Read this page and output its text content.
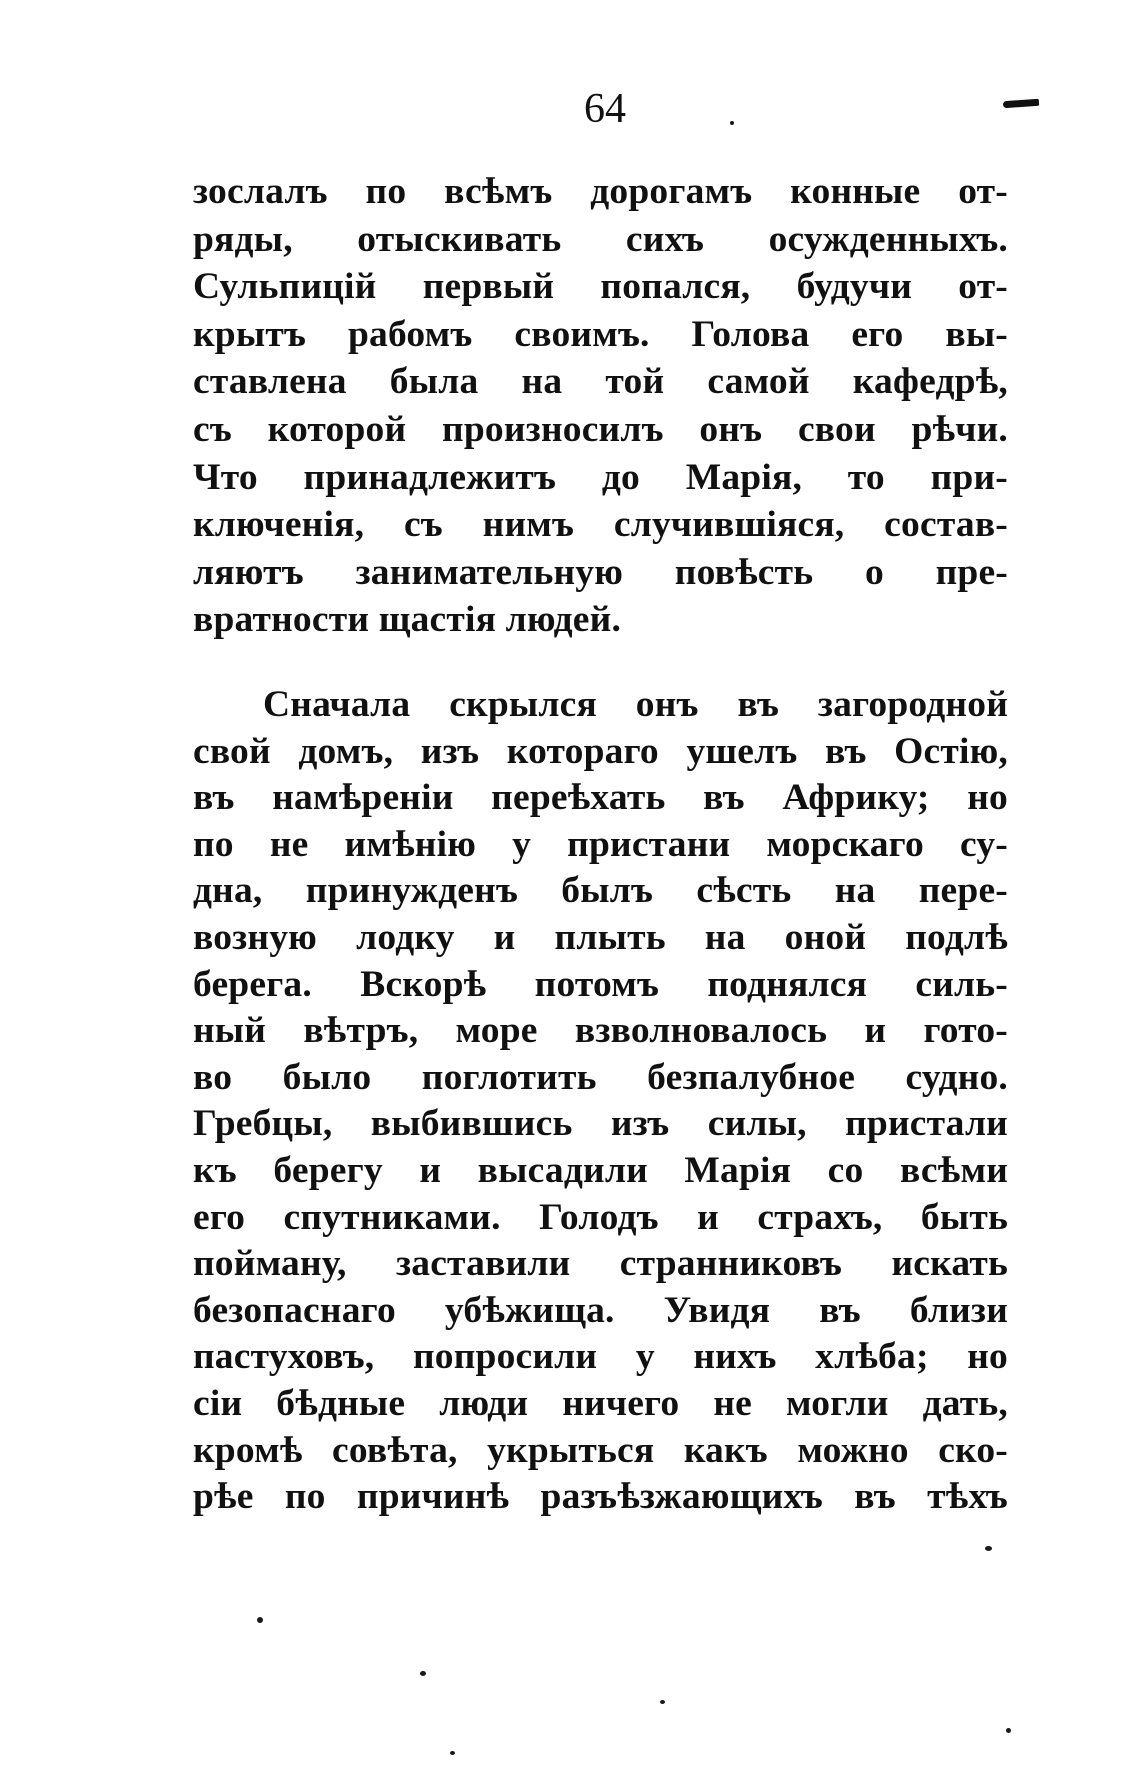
64
зослалъ по всѣмъ дорогамъ конные от-
ряды, отыскивать сихъ осужденныхъ.
Сульпицій первый попался, будучи от-
крытъ рабомъ своимъ. Голова его вы-
ставлена была на той самой кафедрѣ,
съ которой произносилъ онъ свои рѣчи.
Что принадлежитъ до Марія, то при-
ключенія, съ нимъ случившіяся, состав-
ляютъ занимательную повѣсть о пре-
вратности щастія людей.
Сначала скрылся онъ въ загородной
свой домъ, изъ котораго ушелъ въ Остію,
въ намѣреніи переѣхать въ Африку; но
по не имѣнію у пристани морскаго су-
дна, принужденъ былъ сѣсть на пере-
возную лодку и плыть на оной подлѣ
берега. Вскорѣ потомъ поднялся силь-
ный вѣтръ, море взволновалось и гото-
во было поглотить безпалубное судно.
Гребцы, выбившись изъ силы, пристали
къ берегу и высадили Марія со всѣми
его спутниками. Голодъ и страхъ, быть
пойману, заставили странниковъ искать
безопаснаго убѣжища. Увидя въ близи
пастуховъ, попросили у нихъ хлѣба; но
сіи бѣдные люди ничего не могли дать,
кромѣ совѣта, укрыться какъ можно ско-
рѣе по причинѣ разъѣзжающихъ въ тѣхъ
